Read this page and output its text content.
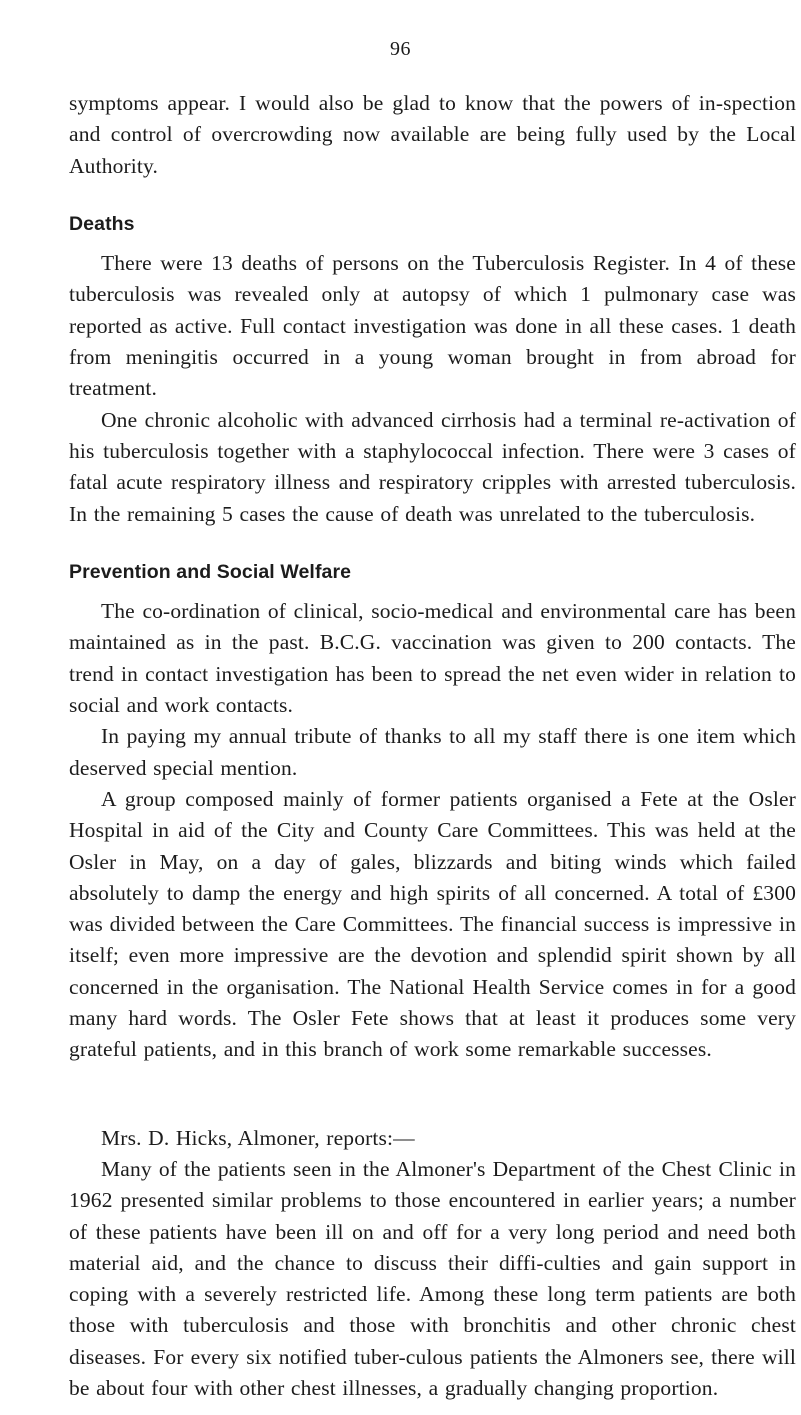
96

symptoms appear. I would also be glad to know that the powers of in-spection and control of overcrowding now available are being fully used by the Local Authority.

Deaths

There were 13 deaths of persons on the Tuberculosis Register. In 4 of these tuberculosis was revealed only at autopsy of which 1 pulmonary case was reported as active. Full contact investigation was done in all these cases. 1 death from meningitis occurred in a young woman brought in from abroad for treatment.

One chronic alcoholic with advanced cirrhosis had a terminal re-activation of his tuberculosis together with a staphylococcal infection. There were 3 cases of fatal acute respiratory illness and respiratory cripples with arrested tuberculosis. In the remaining 5 cases the cause of death was unrelated to the tuberculosis.

Prevention and Social Welfare

The co-ordination of clinical, socio-medical and environmental care has been maintained as in the past. B.C.G. vaccination was given to 200 contacts. The trend in contact investigation has been to spread the net even wider in relation to social and work contacts.

In paying my annual tribute of thanks to all my staff there is one item which deserved special mention.

A group composed mainly of former patients organised a Fete at the Osler Hospital in aid of the City and County Care Committees. This was held at the Osler in May, on a day of gales, blizzards and biting winds which failed absolutely to damp the energy and high spirits of all concerned. A total of £300 was divided between the Care Committees. The financial success is impressive in itself; even more impressive are the devotion and splendid spirit shown by all concerned in the organisation. The National Health Service comes in for a good many hard words. The Osler Fete shows that at least it produces some very grateful patients, and in this branch of work some remarkable successes.

Mrs. D. Hicks, Almoner, reports:—

Many of the patients seen in the Almoner's Department of the Chest Clinic in 1962 presented similar problems to those encountered in earlier years; a number of these patients have been ill on and off for a very long period and need both material aid, and the chance to discuss their diffi-culties and gain support in coping with a severely restricted life. Among these long term patients are both those with tuberculosis and those with bronchitis and other chronic chest diseases. For every six notified tuber-culous patients the Almoners see, there will be about four with other chest illnesses, a gradually changing proportion.
